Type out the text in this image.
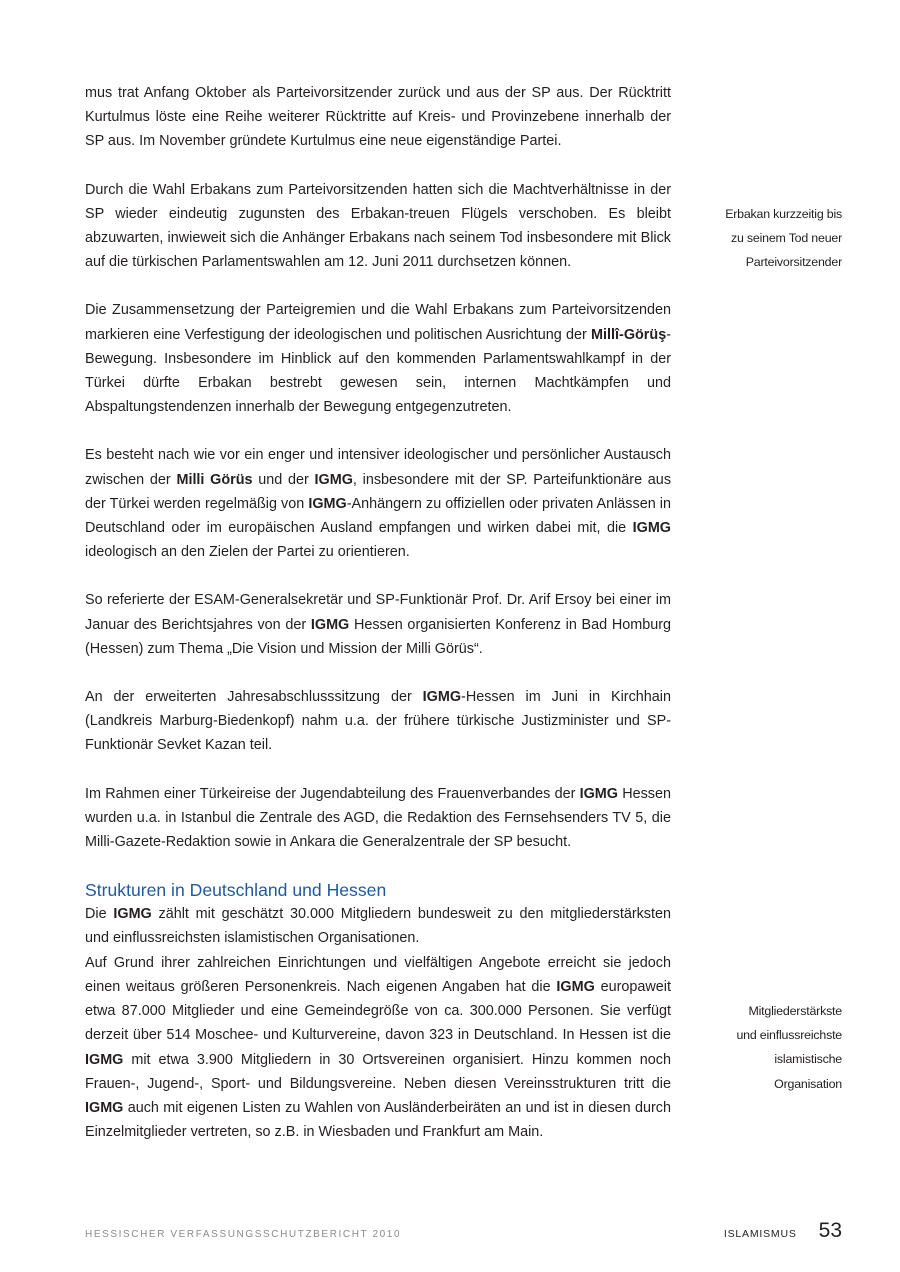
mus trat Anfang Oktober als Parteivorsitzender zurück und aus der SP aus. Der Rücktritt Kurtulmus löste eine Reihe weiterer Rücktritte auf Kreis- und Provinzebene innerhalb der SP aus. Im November gründete Kurtulmus eine neue eigenständige Partei.

Durch die Wahl Erbakans zum Parteivorsitzenden hatten sich die Machtverhältnisse in der SP wieder eindeutig zugunsten des Erbakan-treuen Flügels verschoben. Es bleibt abzuwarten, inwieweit sich die Anhänger Erbakans nach seinem Tod insbesondere mit Blick auf die türkischen Parlamentswahlen am 12. Juni 2011 durchsetzen können.

Die Zusammensetzung der Parteigremien und die Wahl Erbakans zum Parteivorsitzenden markieren eine Verfestigung der ideologischen und politischen Ausrichtung der Millî-Görüş-Bewegung. Insbesondere im Hinblick auf den kommenden Parlamentswahlkampf in der Türkei dürfte Erbakan bestrebt gewesen sein, internen Machtkämpfen und Abspaltungstendenzen innerhalb der Bewegung entgegenzutreten.

Es besteht nach wie vor ein enger und intensiver ideologischer und persönlicher Austausch zwischen der Milli Görüs und der IGMG, insbesondere mit der SP. Parteifunktionäre aus der Türkei werden regelmäßig von IGMG-Anhängern zu offiziellen oder privaten Anlässen in Deutschland oder im europäischen Ausland empfangen und wirken dabei mit, die IGMG ideologisch an den Zielen der Partei zu orientieren.

So referierte der ESAM-Generalsekretär und SP-Funktionär Prof. Dr. Arif Ersoy bei einer im Januar des Berichtsjahres von der IGMG Hessen organisierten Konferenz in Bad Homburg (Hessen) zum Thema „Die Vision und Mission der Milli Görüs“.

An der erweiterten Jahresabschlusssitzung der IGMG-Hessen im Juni in Kirchhain (Landkreis Marburg-Biedenkopf) nahm u.a. der frühere türkische Justizminister und SP-Funktionär Sevket Kazan teil.

Im Rahmen einer Türkeireise der Jugendabteilung des Frauenverbandes der IGMG Hessen wurden u.a. in Istanbul die Zentrale des AGD, die Redaktion des Fernsehsenders TV 5, die Milli-Gazete-Redaktion sowie in Ankara die Generalzentrale der SP besucht.

Strukturen in Deutschland und Hessen

Die IGMG zählt mit geschätzt 30.000 Mitgliedern bundesweit zu den mitgliederstärksten und einflussreichsten islamistischen Organisationen.

Auf Grund ihrer zahlreichen Einrichtungen und vielfältigen Angebote erreicht sie jedoch einen weitaus größeren Personenkreis. Nach eigenen Angaben hat die IGMG europaweit etwa 87.000 Mitglieder und eine Gemeindegröße von ca. 300.000 Personen. Sie verfügt derzeit über 514 Moschee- und Kulturvereine, davon 323 in Deutschland. In Hessen ist die IGMG mit etwa 3.900 Mitgliedern in 30 Ortsvereinen organisiert. Hinzu kommen noch Frauen-, Jugend-, Sport- und Bildungsvereine. Neben diesen Vereinsstrukturen tritt die IGMG auch mit eigenen Listen zu Wahlen von Ausländerbeiräten an und ist in diesen durch Einzelmitglieder vertreten, so z.B. in Wiesbaden und Frankfurt am Main.

Erbakan kurzzeitig bis
zu seinem Tod neuer
Parteivorsitzender
Mitgliederstärkste
und einflussreichste
islamistische
Organisation
HESSISCHER VERFASSUNGSSCHUTZBERICHT 2010	ISLAMISMUS 53
